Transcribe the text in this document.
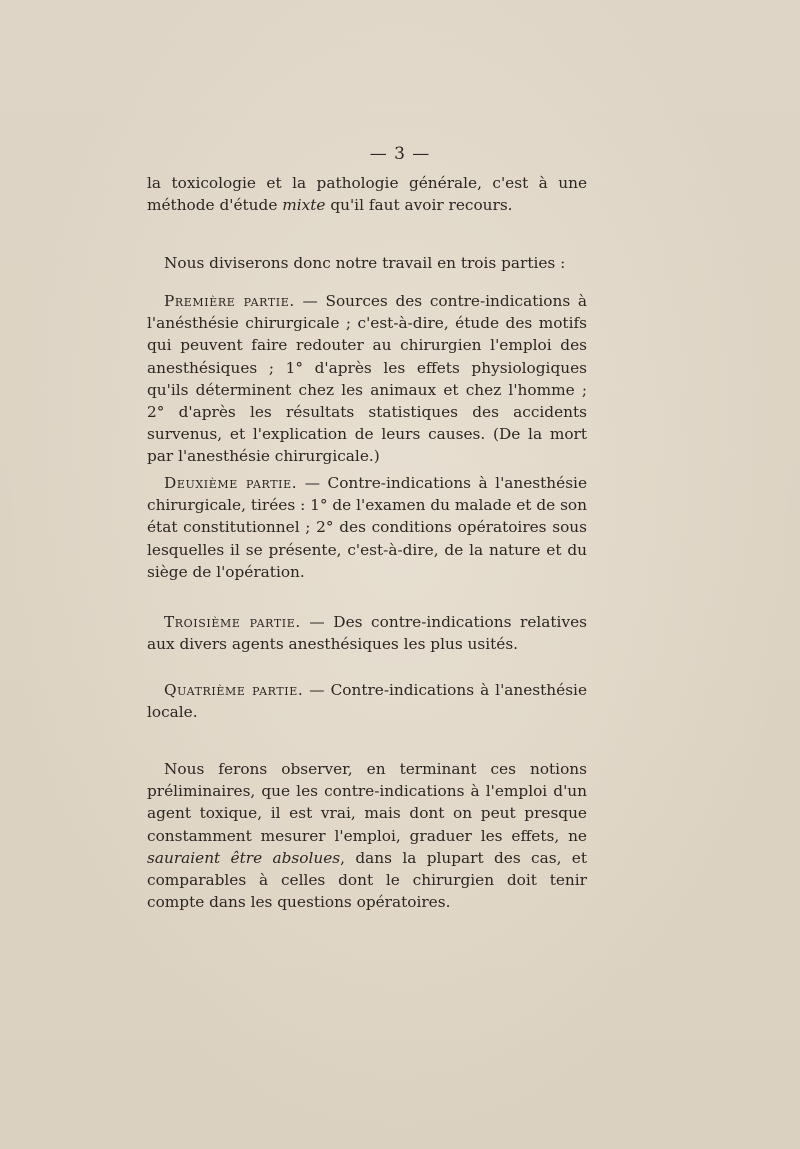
— 3 —

la toxicologie et la pathologie générale, c'est à une méthode d'étude mixte qu'il faut avoir recours.

Nous diviserons donc notre travail en trois parties :

Première partie. — Sources des contre-indications à l'anésthésie chirurgicale ; c'est-à-dire, étude des motifs qui peuvent faire redouter au chirurgien l'emploi des anesthésiques ; 1° d'après les effets physiologiques qu'ils déterminent chez les animaux et chez l'homme ; 2° d'après les résultats statistiques des accidents survenus, et l'explication de leurs causes. (De la mort par l'anesthésie chirurgicale.)

Deuxième partie. — Contre-indications à l'anesthésie chirurgicale, tirées : 1° de l'examen du malade et de son état constitutionnel ; 2° des conditions opératoires sous lesquelles il se présente, c'est-à-dire, de la nature et du siège de l'opération.

Troisième partie. — Des contre-indications relatives aux divers agents anesthésiques les plus usités.

Quatrième partie. — Contre-indications à l'anesthésie locale.

Nous ferons observer, en terminant ces notions préliminaires, que les contre-indications à l'emploi d'un agent toxique, il est vrai, mais dont on peut presque constamment mesurer l'emploi, graduer les effets, ne sauraient être absolues, dans la plupart des cas, et comparables à celles dont le chirurgien doit tenir compte dans les questions opératoires.
